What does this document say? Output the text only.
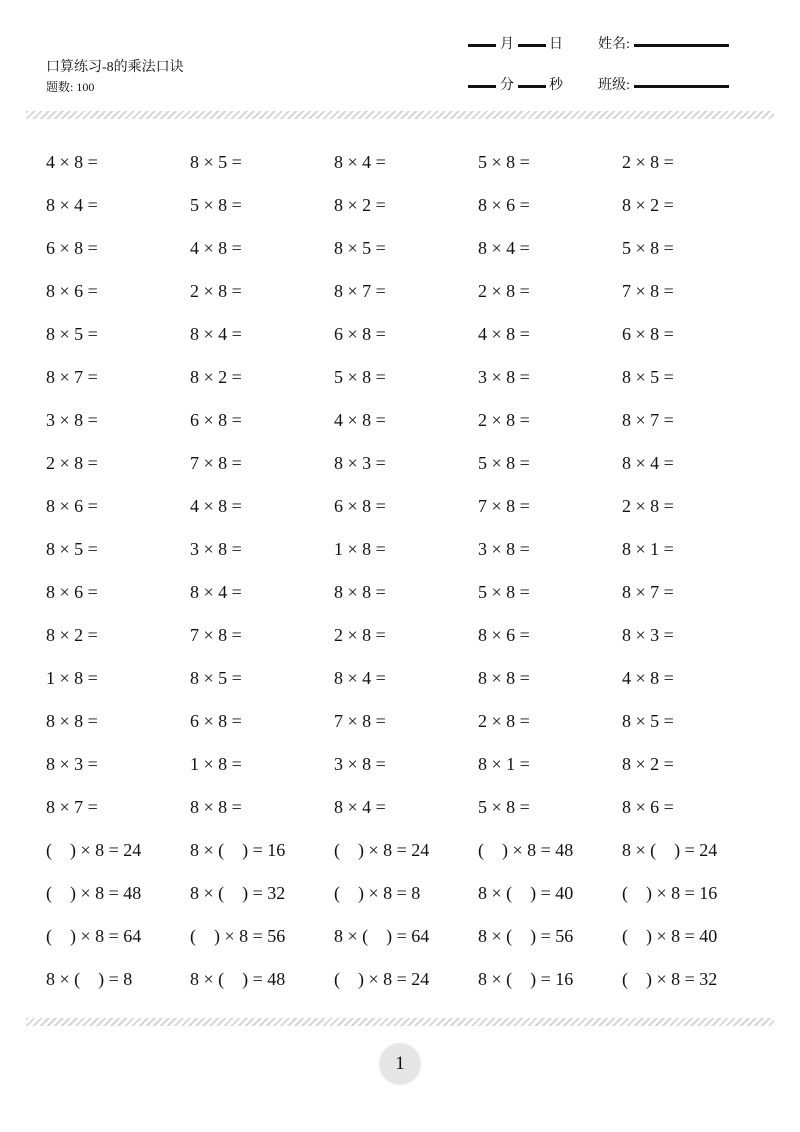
口算练习-8的乘法口诀
题数: 100
月	日	姓名:
分	秒	班级:
4 × 8 =	8 × 5 =	8 × 4 =	5 × 8 =	2 × 8 =
8 × 4 =	5 × 8 =	8 × 2 =	8 × 6 =	8 × 2 =
6 × 8 =	4 × 8 =	8 × 5 =	8 × 4 =	5 × 8 =
8 × 6 =	2 × 8 =	8 × 7 =	2 × 8 =	7 × 8 =
8 × 5 =	8 × 4 =	6 × 8 =	4 × 8 =	6 × 8 =
8 × 7 =	8 × 2 =	5 × 8 =	3 × 8 =	8 × 5 =
3 × 8 =	6 × 8 =	4 × 8 =	2 × 8 =	8 × 7 =
2 × 8 =	7 × 8 =	8 × 3 =	5 × 8 =	8 × 4 =
8 × 6 =	4 × 8 =	6 × 8 =	7 × 8 =	2 × 8 =
8 × 5 =	3 × 8 =	1 × 8 =	3 × 8 =	8 × 1 =
8 × 6 =	8 × 4 =	8 × 8 =	5 × 8 =	8 × 7 =
8 × 2 =	7 × 8 =	2 × 8 =	8 × 6 =	8 × 3 =
1 × 8 =	8 × 5 =	8 × 4 =	8 × 8 =	4 × 8 =
8 × 8 =	6 × 8 =	7 × 8 =	2 × 8 =	8 × 5 =
8 × 3 =	1 × 8 =	3 × 8 =	8 × 1 =	8 × 2 =
8 × 7 =	8 × 8 =	8 × 4 =	5 × 8 =	8 × 6 =
(    ) × 8 = 24	8 × (    ) = 16	(    ) × 8 = 24	(    ) × 8 = 48	8 × (    ) = 24
(    ) × 8 = 48	8 × (    ) = 32	(    ) × 8 = 8	8 × (    ) = 40	(    ) × 8 = 16
(    ) × 8 = 64	(    ) × 8 = 56	8 × (    ) = 64	8 × (    ) = 56	(    ) × 8 = 40
8 × (    ) = 8	8 × (    ) = 48	(    ) × 8 = 24	8 × (    ) = 16	(    ) × 8 = 32
1
